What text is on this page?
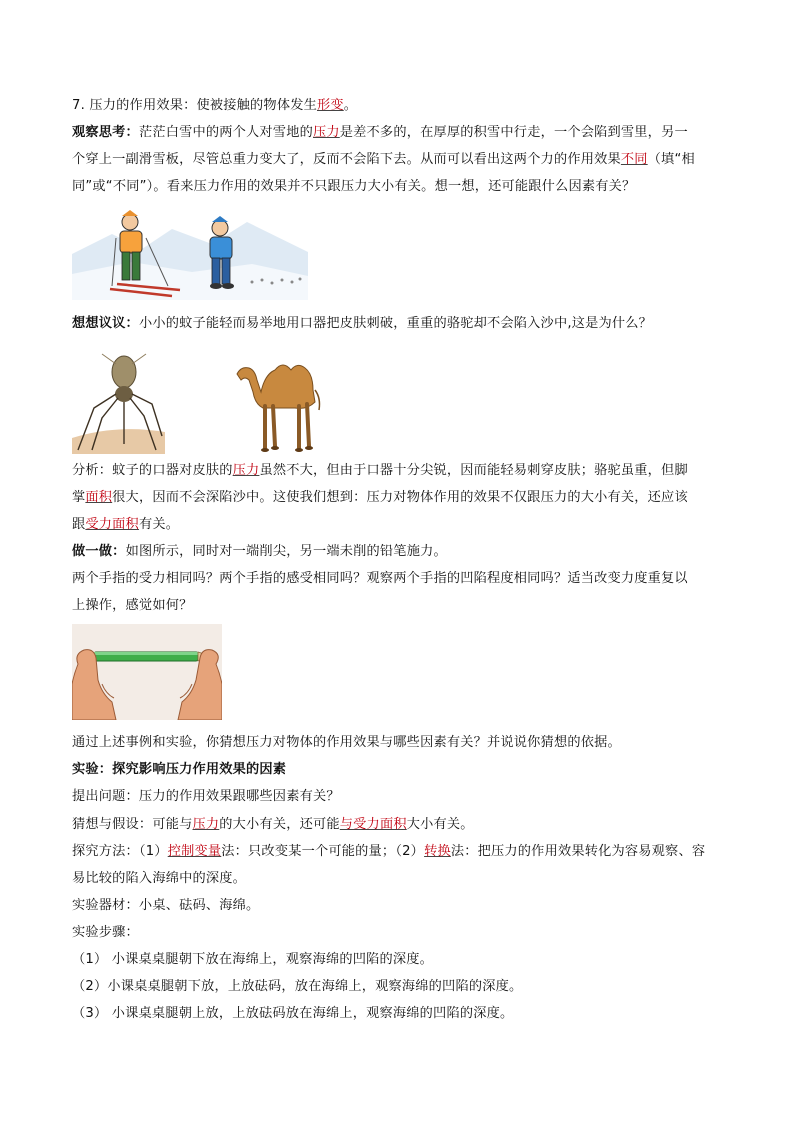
7. 压力的作用效果：使被接触的物体发生形变。
观察思考：茫茫白雪中的两个人对雪地的压力是差不多的，在厚厚的积雪中行走，一个会陷到雪里，另一
个穿上一副滑雪板，尽管总重力变大了，反而不会陷下去。从而可以看出这两个力的作用效果不同（填“相
同”或“不同”）。看来压力作用的效果并不只跟压力大小有关。想一想，还可能跟什么因素有关？
想想议议：小小的蚊子能轻而易举地用口器把皮肤刺破，重重的骆驼却不会陷入沙中,这是为什么？
分析：蚊子的口器对皮肤的压力虽然不大，但由于口器十分尖锐，因而能轻易刺穿皮肤；骆驼虽重，但脚
掌面积很大，因而不会深陷沙中。这使我们想到：压力对物体作用的效果不仅跟压力的大小有关，还应该
跟受力面积有关。
做一做：如图所示，同时对一端削尖，另一端未削的铅笔施力。
两个手指的受力相同吗？两个手指的感受相同吗？观察两个手指的凹陷程度相同吗？适当改变力度重复以
上操作，感觉如何？
通过上述事例和实验，你猜想压力对物体的作用效果与哪些因素有关？并说说你猜想的依据。
实验：探究影响压力作用效果的因素
提出问题：压力的作用效果跟哪些因素有关？
猜想与假设：可能与压力的大小有关，还可能与受力面积大小有关。
探究方法：（1）控制变量法：只改变某一个可能的量；（2）转换法：把压力的作用效果转化为容易观察、容
易比较的陷入海绵中的深度。
实验器材：小桌、砝码、海绵。
实验步骤：
（1） 小课桌桌腿朝下放在海绵上，观察海绵的凹陷的深度。
（2）小课桌桌腿朝下放，上放砝码，放在海绵上，观察海绵的凹陷的深度。
（3） 小课桌桌腿朝上放，上放砝码放在海绵上，观察海绵的凹陷的深度。
